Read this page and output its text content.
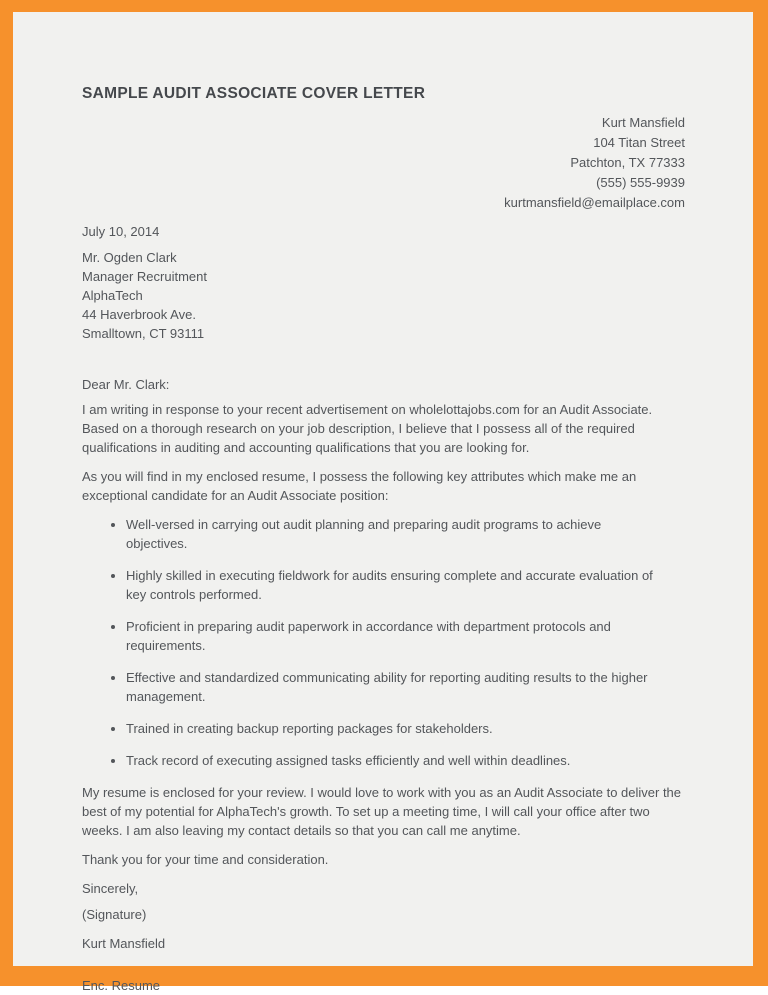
SAMPLE AUDIT ASSOCIATE COVER LETTER
Kurt Mansfield
104 Titan Street
Patchton, TX 77333
(555) 555-9939
kurtmansfield@emailplace.com
July 10, 2014
Mr. Ogden Clark
Manager Recruitment
AlphaTech
44 Haverbrook Ave.
Smalltown, CT 93111
Dear Mr. Clark:

I am writing in response to your recent advertisement on wholelottajobs.com for an Audit Associate. Based on a thorough research on your job description, I believe that I possess all of the required qualifications in auditing and accounting qualifications that you are looking for.

As you will find in my enclosed resume, I possess the following key attributes which make me an exceptional candidate for an Audit Associate position:

• Well-versed in carrying out audit planning and preparing audit programs to achieve objectives.
• Highly skilled in executing fieldwork for audits ensuring complete and accurate evaluation of key controls performed.
• Proficient in preparing audit paperwork in accordance with department protocols and requirements.
• Effective and standardized communicating ability for reporting auditing results to the higher management.
• Trained in creating backup reporting packages for stakeholders.
• Track record of executing assigned tasks efficiently and well within deadlines.

My resume is enclosed for your review. I would love to work with you as an Audit Associate to deliver the best of my potential for AlphaTech's growth. To set up a meeting time, I will call your office after two weeks. I am also leaving my contact details so that you can call me anytime.

Thank you for your time and consideration.

Sincerely,
(Signature)
Kurt Mansfield
Enc. Resume
